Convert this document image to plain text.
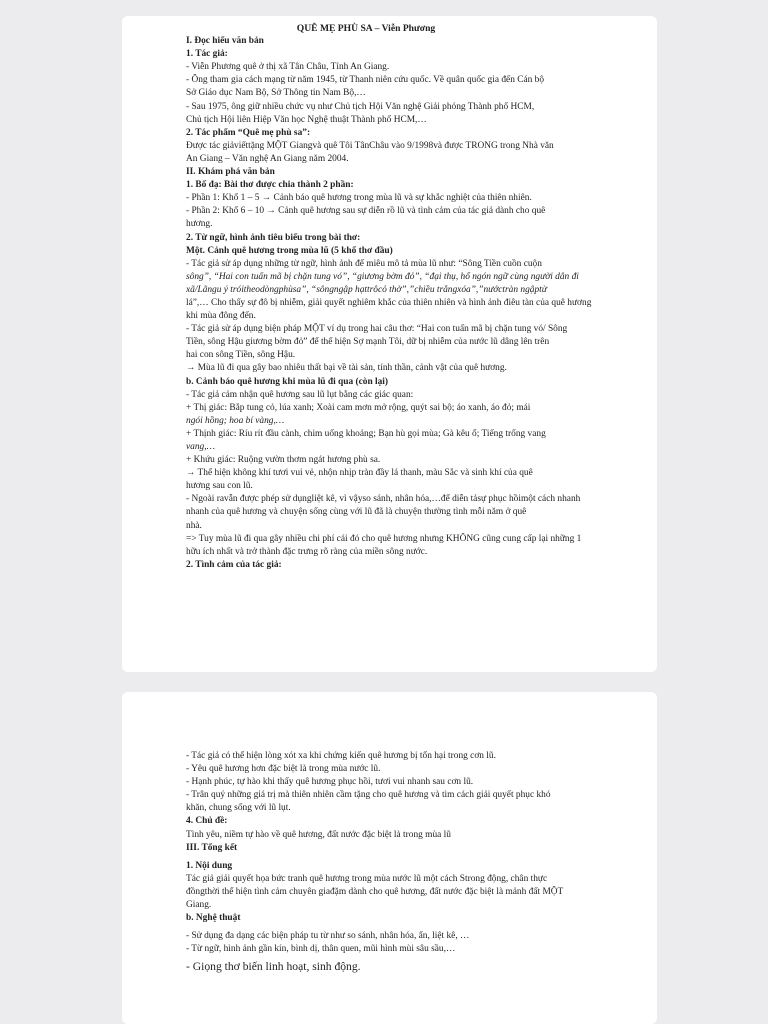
QUÊ MẸ PHÙ SA – Viễn Phương
I. Đọc hiểu văn bản
1. Tác giả:
- Viễn Phương quê ở thị xã Tân Châu, Tỉnh An Giang.
- Ông tham gia cách mạng từ năm 1945, từ Thanh niên cứu quốc. Về quân quốc gia đến Cán bộ
Sở Giáo dục Nam Bộ, Sở Thông tin Nam Bộ,…
- Sau 1975, ông giữ nhiều chức vụ như Chủ tịch Hội Văn nghệ Giải phóng Thành phố HCM,
Chủ tịch Hội liên Hiệp Văn học Nghệ thuật Thành phố HCM,…
2. Tác phẩm “Quê mẹ phù sa”:
Được tác giảviếttặng MỘT Giangvà quê Tôi TânChâu vào 9/1998và được TRONG trong Nhà văn
An Giang – Văn nghệ An Giang năm 2004.
II. Khám phá văn bản
1. Bố đạ: Bài thơ được chia thành 2 phần:
- Phần 1: Khổ 1 – 5 → Cảnh báo quê hương trong mùa lũ và sự khắc nghiệt của thiên nhiên.
- Phần 2: Khổ 6 – 10 → Cảnh quê hương sau sự diễn rồ lũ và tình cảm của tác giả dành cho quê
hương.
2. Từ ngữ, hình ảnh tiêu biểu trong bài thơ:
Một. Cảnh quê hương trong mùa lũ (5 khổ thơ đầu)
- Tác giả sử áp dụng những từ ngữ, hình ảnh để miêu mô tả mùa lũ như: “Sông Tiền cuồn cuộn
sông”, “Hai con tuấn mã bị chặn tung vó”, “giương bờm đỏ”, “đại thụ, hổ ngón ngữ cùng người dân đi
xã/Lãngu ý tróitheodòngphùsa”, “sôngngập hạttrôcỏ thờ”,”chiều trắngxóa”,”nướctràn ngậptừ
lá”,… Cho thấy sự đô bị nhiễm, giải quyết nghiêm khắc của thiên nhiên và hình ảnh điêu tàn của quê hương
khi mùa đông đến.
- Tác giả sử áp dụng biện pháp MỘT ví dụ trong hai câu thơ: “Hai con tuấn mã bị chặn tung vó/ Sông
Tiền, sông Hậu giương bờm đỏ” để thể hiện Sợ mạnh Tôi, dữ bị nhiễm của nước lũ dâng lên trên
hai con sông Tiền, sông Hậu.
→ Mùa lũ đi qua gây bao nhiêu thất bại về tài sản, tính thần, cảnh vật của quê hương.
b. Cảnh báo quê hương khi mùa lũ đi qua (còn lại)
- Tác giả cảm nhận quê hương sau lũ lụt bằng các giác quan:
+ Thị giác: Bắp tung cỏ, lúa xanh; Xoài cam mơn mở rộng, quýt sai bộ; áo xanh, áo đỏ; mái
ngói hồng; hoa bí vàng,…
+ Thịnh giác: Ríu rít đầu cành, chim uống khoảng; Bạn hù gọi mùa; Gà kêu ổ; Tiếng trống vang
vang,…
+ Khứu giác: Ruộng vườn thơm ngát hương phù sa.
→ Thể hiện không khí tươi vui vẻ, nhộn nhịp tràn đầy lá thanh, màu Sắc và sinh khí của quê
hương sau con lũ.
- Ngoài ravẫn được phép sử dụngliệt kê, vì vậyso sánh, nhân hóa,…để diễn tảsự phục hồimột cách nhanh
nhanh của quê hương và chuyện sống cùng với lũ đã là chuyện thường tình mỗi năm ở quê
nhà.
=> Tuy mùa lũ đi qua gây nhiều chi phí cái đó cho quê hương nhưng KHÔNG cũng cung cấp lại những 1
hữu ích nhất và trở thành đặc trưng rõ ràng của miền sông nước.
2. Tình cảm của tác giả:
- Tác giả có thể hiện lòng xót xa khi chứng kiến quê hương bị tổn hại trong cơn lũ.
- Yêu quê hương hơn đặc biệt là trong mùa nước lũ.
- Hạnh phúc, tự hào khi thấy quê hương phục hồi, tươi vui nhanh sau cơn lũ.
- Trân quý những giá trị mà thiên nhiên cầm tặng cho quê hương và tìm cách giải quyết phục khó
khăn, chung sống với lũ lụt.
4. Chủ đề:
Tình yêu, niềm tự hào về quê hương, đất nước đặc biệt là trong mùa lũ
III. Tổng kết
1. Nội dung
Tác giả giải quyết họa bức tranh quê hương trong mùa nước lũ một cách Strong động, chân thực
đồngthời thể hiện tình cảm chuyên giađặm dành cho quê hương, đất nước đặc biệt là mảnh đất MỘT
Giang.
b. Nghệ thuật
- Sử dụng đa dạng các biện pháp tu từ như so sánh, nhân hóa, ẩn, liệt kê, …
- Từ ngữ, hình ảnh gần kín, bình dị, thân quen, mũi hình mùi sâu sầu,…
- Giọng thơ biến linh hoạt, sinh động.
